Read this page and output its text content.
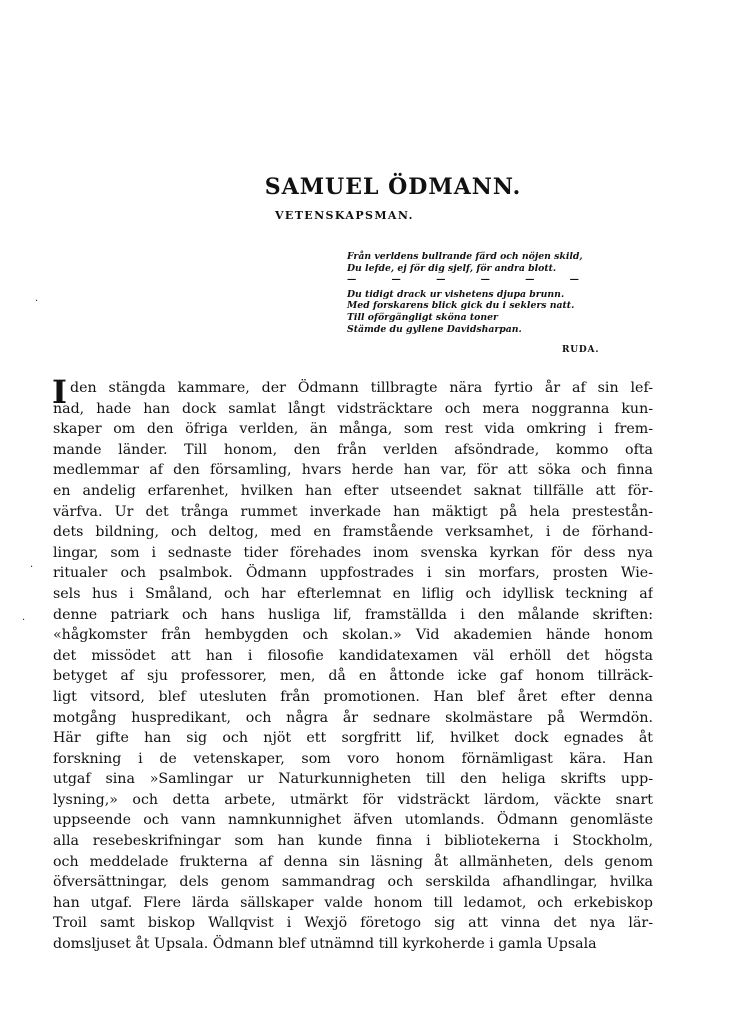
SAMUEL ÖDMANN.
VETENSKAPSMAN.
Från verldens bullrande färd och nöjen skild,
Du lefde, ej för dig sjelf, för andra blott.
— — — — — —
Du tidigt drack ur vishetens djupa brunn.
Med forskarens blick gick du i seklers natt.
Till oförgängligt sköna toner
Stämde du gyllene Davidsharpan.
RUDA.
I den stängda kammare, der Ödmann tillbragte nära fyrtio år af sin lef-
nad, hade han dock samlat långt vidsträcktare och mera noggranna kun-
skaper om den öfriga verlden, än många, som rest vida omkring i frem-
mande länder. Till honom, den från verlden afsöndrade, kommo ofta
medlemmar af den församling, hvars herde han var, för att söka och finna
en andelig erfarenhet, hvilken han efter utseendet saknat tillfälle att för-
värfva. Ur det trånga rummet inverkade han mäktigt på hela prestestån-
dets bildning, och deltog, med en framstående verksamhet, i de förhand-
lingar, som i sednaste tider förehades inom svenska kyrkan för dess nya
ritualer och psalmbok. Ödmann uppfostrades i sin morfars, prosten Wie-
sels hus i Småland, och har efterlemnat en liflig och idyllisk teckning af
denne patriark och hans husliga lif, framställda i den målande skriften:
«hågkomster från hembygden och skolan.» Vid akademien hände honom
det missödet att han i filosofie kandidatexamen väl erhöll det högsta
betyget af sju professorer, men, då en åttonde icke gaf honom tillräck-
ligt vitsord, blef utesluten från promotionen. Han blef året efter denna
motgång huspredikant, och några år sednare skolmästare på Wermdön.
Här gifte han sig och njöt ett sorgfritt lif, hvilket dock egnades åt
forskning i de vetenskaper, som voro honom förnämligast kära. Han
utgaf sina »Samlingar ur Naturkunnigheten till den heliga skrifts upp-
lysning,» och detta arbete, utmärkt för vidsträckt lärdom, väckte snart
uppseende och vann namnkunnighet äfven utomlands. Ödmann genomläste
alla resebeskrifningar som han kunde finna i bibliotekerna i Stockholm,
och meddelade frukterna af denna sin läsning åt allmänheten, dels genom
öfversättningar, dels genom sammandrag och serskilda afhandlingar, hvilka
han utgaf. Flere lärda sällskaper valde honom till ledamot, och erkebiskop
Troil samt biskop Wallqvist i Wexjö företogo sig att vinna det nya lär-
domsljuset åt Upsala. Ödmann blef utnämnd till kyrkoherde i gamla Upsala
·
·
·
